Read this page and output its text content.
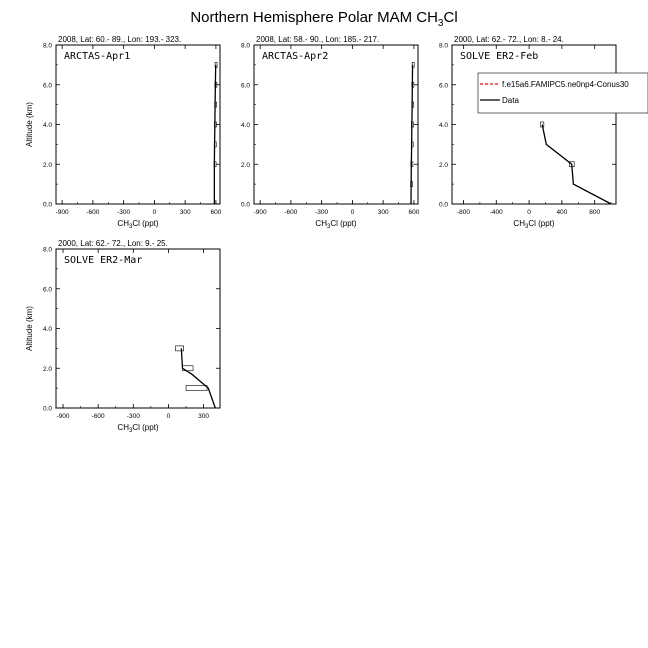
Northern Hemisphere Polar MAM $CH_3Cl$
2008, Lat: 60.- 89., Lon: 193.- 323.
ARCTAS-Apr1
-900	-600	-300	0	300	600
0.0
2.0
4.0
6.0
8.0
$CH_3Cl$ (ppt)
Altitude (km)
2008, Lat: 58.- 90., Lon: 185.- 217.
ARCTAS-Apr2
-900	-600	-300	0	300	600
0.0
2.0
4.0
6.0
8.0
$CH_3Cl$ (ppt)
2000, Lat: 62.- 72., Lon: 8.- 24.
SOLVE ER2-Feb
-800	-400	0	400	800
0.0
2.0
4.0
6.0
8.0
$CH_3Cl$ (ppt)
2000, Lat: 62.- 72., Lon: 9.- 25.
SOLVE ER2-Mar
-900	-600	-300	0	300
0.0
2.0
4.0
6.0
8.0
$CH_3Cl$ (ppt)
Altitude (km)
f.e15a6.FAMIPC5.ne0np4-Conus30
Data
